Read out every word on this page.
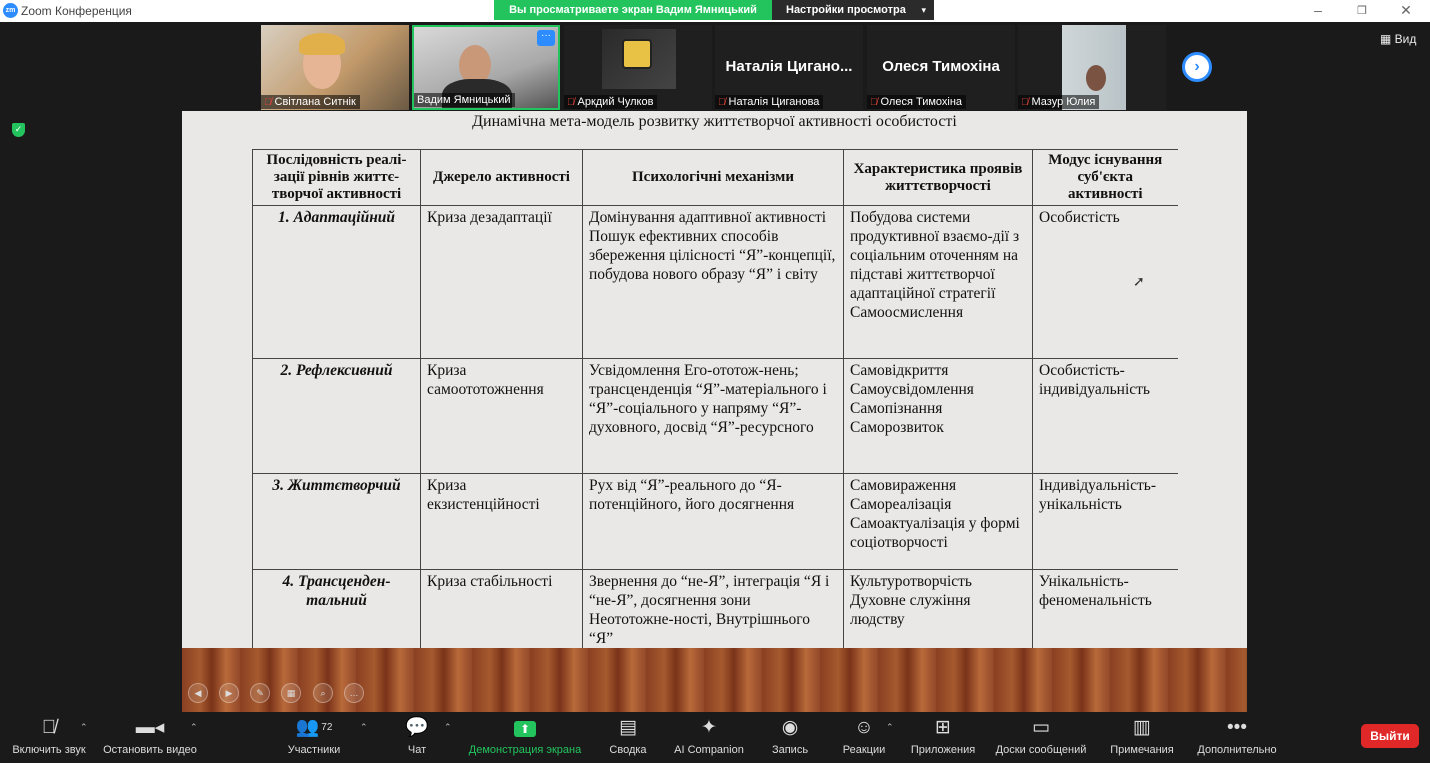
zm Zoom Конференция	Вы просматриваете экран Вадим Ямницький	Настройки просмотра ▾	–	❐	✕
🎙̸ Світлана Ситнік
···
Вадим Ямницький	🎙̸ Аркдий Чулков
Наталія Цигано...
🎙̸ Наталія Циганова
Олеся Тимохіна
🎙̸ Олеся Тимохіна	🎙̸ Мазур Юлия
›
▦ Вид
✓	Динамічна мета-модель розвитку життєтворчої активності особистості
Послідовність реалі-зації рівнів життє-творчої активності	Джерело активності	Психологічні механізми	Характеристика проявів життєтворчості	Модус існування суб'єкта активності
1. Адаптаційний	Криза дезадаптації	Домінування адаптивної активності
Пошук ефективних способів збереження цілісності “Я”-концепції, побудова нового образу “Я” і світу	Побудова системи продуктивної взаємо-дії з соціальним оточенням на підставі життєтворчої адаптаційної стратегії
Самоосмислення	Особистість
2. Рефлексивний	Криза самоототожнення	Усвідомлення Его-ототож-нень; трансценденція “Я”-матеріального і “Я”-соціального у напряму “Я”-духовного, досвід “Я”-ресурсного	Самовідкриття
Самоусвідомлення
Самопізнання
Саморозвиток	Особистість-індивідуальність
3. Життєтворчий	Криза екзистенційності	Рух від “Я”-реального до “Я-потенційного, його досягнення	Самовираження
Самореалізація
Самоактуалізація у формі соціотворчості	Індивідуальність-унікальність
4. Трансценден-тальний	Криза стабільності	Звернення до “не-Я”, інтеграція “Я і “не-Я”, досягнення зони Неототожне-ності, Внутрішнього “Я”	Культуротворчість
Духовне служіння людству	Унікальність-феноменальність
➚
◀	▶	✎	▦	⌕	…
🎙̸
Включить звук
⌃	▬◂
Остановить видео
⌃	👥 $^{72}$
Участники
⌃ 💬
Чат
⌃	⬆
Демонстрация экрана
▤
Сводка
✦
AI Companion
◉
Запись
☺
Реакции
⌃	⊞
Приложения
▭
Доски сообщений
▥
Примечания
•••
Дополнительно
Выйти
